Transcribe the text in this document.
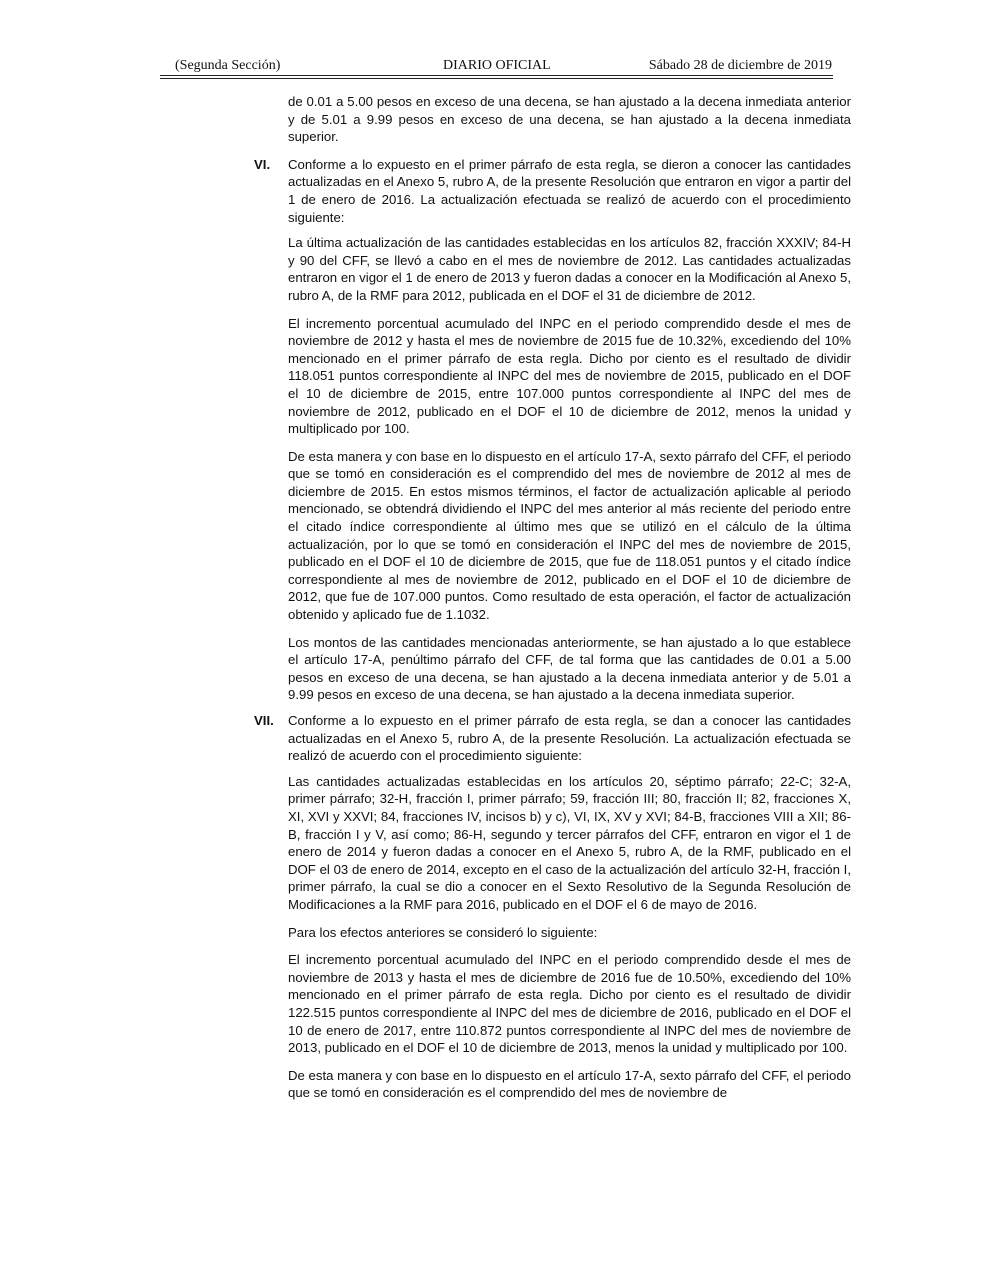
(Segunda Sección)	DIARIO OFICIAL	Sábado 28 de diciembre de 2019

de 0.01 a 5.00 pesos en exceso de una decena, se han ajustado a la decena inmediata anterior y de 5.01 a 9.99 pesos en exceso de una decena, se han ajustado a la decena inmediata superior.

VI. Conforme a lo expuesto en el primer párrafo de esta regla, se dieron a conocer las cantidades actualizadas en el Anexo 5, rubro A, de la presente Resolución que entraron en vigor a partir del 1 de enero de 2016. La actualización efectuada se realizó de acuerdo con el procedimiento siguiente:

La última actualización de las cantidades establecidas en los artículos 82, fracción XXXIV; 84-H y 90 del CFF, se llevó a cabo en el mes de noviembre de 2012. Las cantidades actualizadas entraron en vigor el 1 de enero de 2013 y fueron dadas a conocer en la Modificación al Anexo 5, rubro A, de la RMF para 2012, publicada en el DOF el 31 de diciembre de 2012.

El incremento porcentual acumulado del INPC en el periodo comprendido desde el mes de noviembre de 2012 y hasta el mes de noviembre de 2015 fue de 10.32%, excediendo del 10% mencionado en el primer párrafo de esta regla. Dicho por ciento es el resultado de dividir 118.051 puntos correspondiente al INPC del mes de noviembre de 2015, publicado en el DOF el 10 de diciembre de 2015, entre 107.000 puntos correspondiente al INPC del mes de noviembre de 2012, publicado en el DOF el 10 de diciembre de 2012, menos la unidad y multiplicado por 100.

De esta manera y con base en lo dispuesto en el artículo 17-A, sexto párrafo del CFF, el periodo que se tomó en consideración es el comprendido del mes de noviembre de 2012 al mes de diciembre de 2015. En estos mismos términos, el factor de actualización aplicable al periodo mencionado, se obtendrá dividiendo el INPC del mes anterior al más reciente del periodo entre el citado índice correspondiente al último mes que se utilizó en el cálculo de la última actualización, por lo que se tomó en consideración el INPC del mes de noviembre de 2015, publicado en el DOF el 10 de diciembre de 2015, que fue de 118.051 puntos y el citado índice correspondiente al mes de noviembre de 2012, publicado en el DOF el 10 de diciembre de 2012, que fue de 107.000 puntos. Como resultado de esta operación, el factor de actualización obtenido y aplicado fue de 1.1032.

Los montos de las cantidades mencionadas anteriormente, se han ajustado a lo que establece el artículo 17-A, penúltimo párrafo del CFF, de tal forma que las cantidades de 0.01 a 5.00 pesos en exceso de una decena, se han ajustado a la decena inmediata anterior y de 5.01 a 9.99 pesos en exceso de una decena, se han ajustado a la decena inmediata superior.

VII. Conforme a lo expuesto en el primer párrafo de esta regla, se dan a conocer las cantidades actualizadas en el Anexo 5, rubro A, de la presente Resolución. La actualización efectuada se realizó de acuerdo con el procedimiento siguiente:

Las cantidades actualizadas establecidas en los artículos 20, séptimo párrafo; 22-C; 32-A, primer párrafo; 32-H, fracción I, primer párrafo; 59, fracción III; 80, fracción II; 82, fracciones X, XI, XVI y XXVI; 84, fracciones IV, incisos b) y c), VI, IX, XV y XVI; 84-B, fracciones VIII a XII; 86-B, fracción I y V, así como; 86-H, segundo y tercer párrafos del CFF, entraron en vigor el 1 de enero de 2014 y fueron dadas a conocer en el Anexo 5, rubro A, de la RMF, publicado en el DOF el 03 de enero de 2014, excepto en el caso de la actualización del artículo 32-H, fracción I, primer párrafo, la cual se dio a conocer en el Sexto Resolutivo de la Segunda Resolución de Modificaciones a la RMF para 2016, publicado en el DOF el 6 de mayo de 2016.

Para los efectos anteriores se consideró lo siguiente:

El incremento porcentual acumulado del INPC en el periodo comprendido desde el mes de noviembre de 2013 y hasta el mes de diciembre de 2016 fue de 10.50%, excediendo del 10% mencionado en el primer párrafo de esta regla. Dicho por ciento es el resultado de dividir 122.515 puntos correspondiente al INPC del mes de diciembre de 2016, publicado en el DOF el 10 de enero de 2017, entre 110.872 puntos correspondiente al INPC del mes de noviembre de 2013, publicado en el DOF el 10 de diciembre de 2013, menos la unidad y multiplicado por 100.

De esta manera y con base en lo dispuesto en el artículo 17-A, sexto párrafo del CFF, el periodo que se tomó en consideración es el comprendido del mes de noviembre de
